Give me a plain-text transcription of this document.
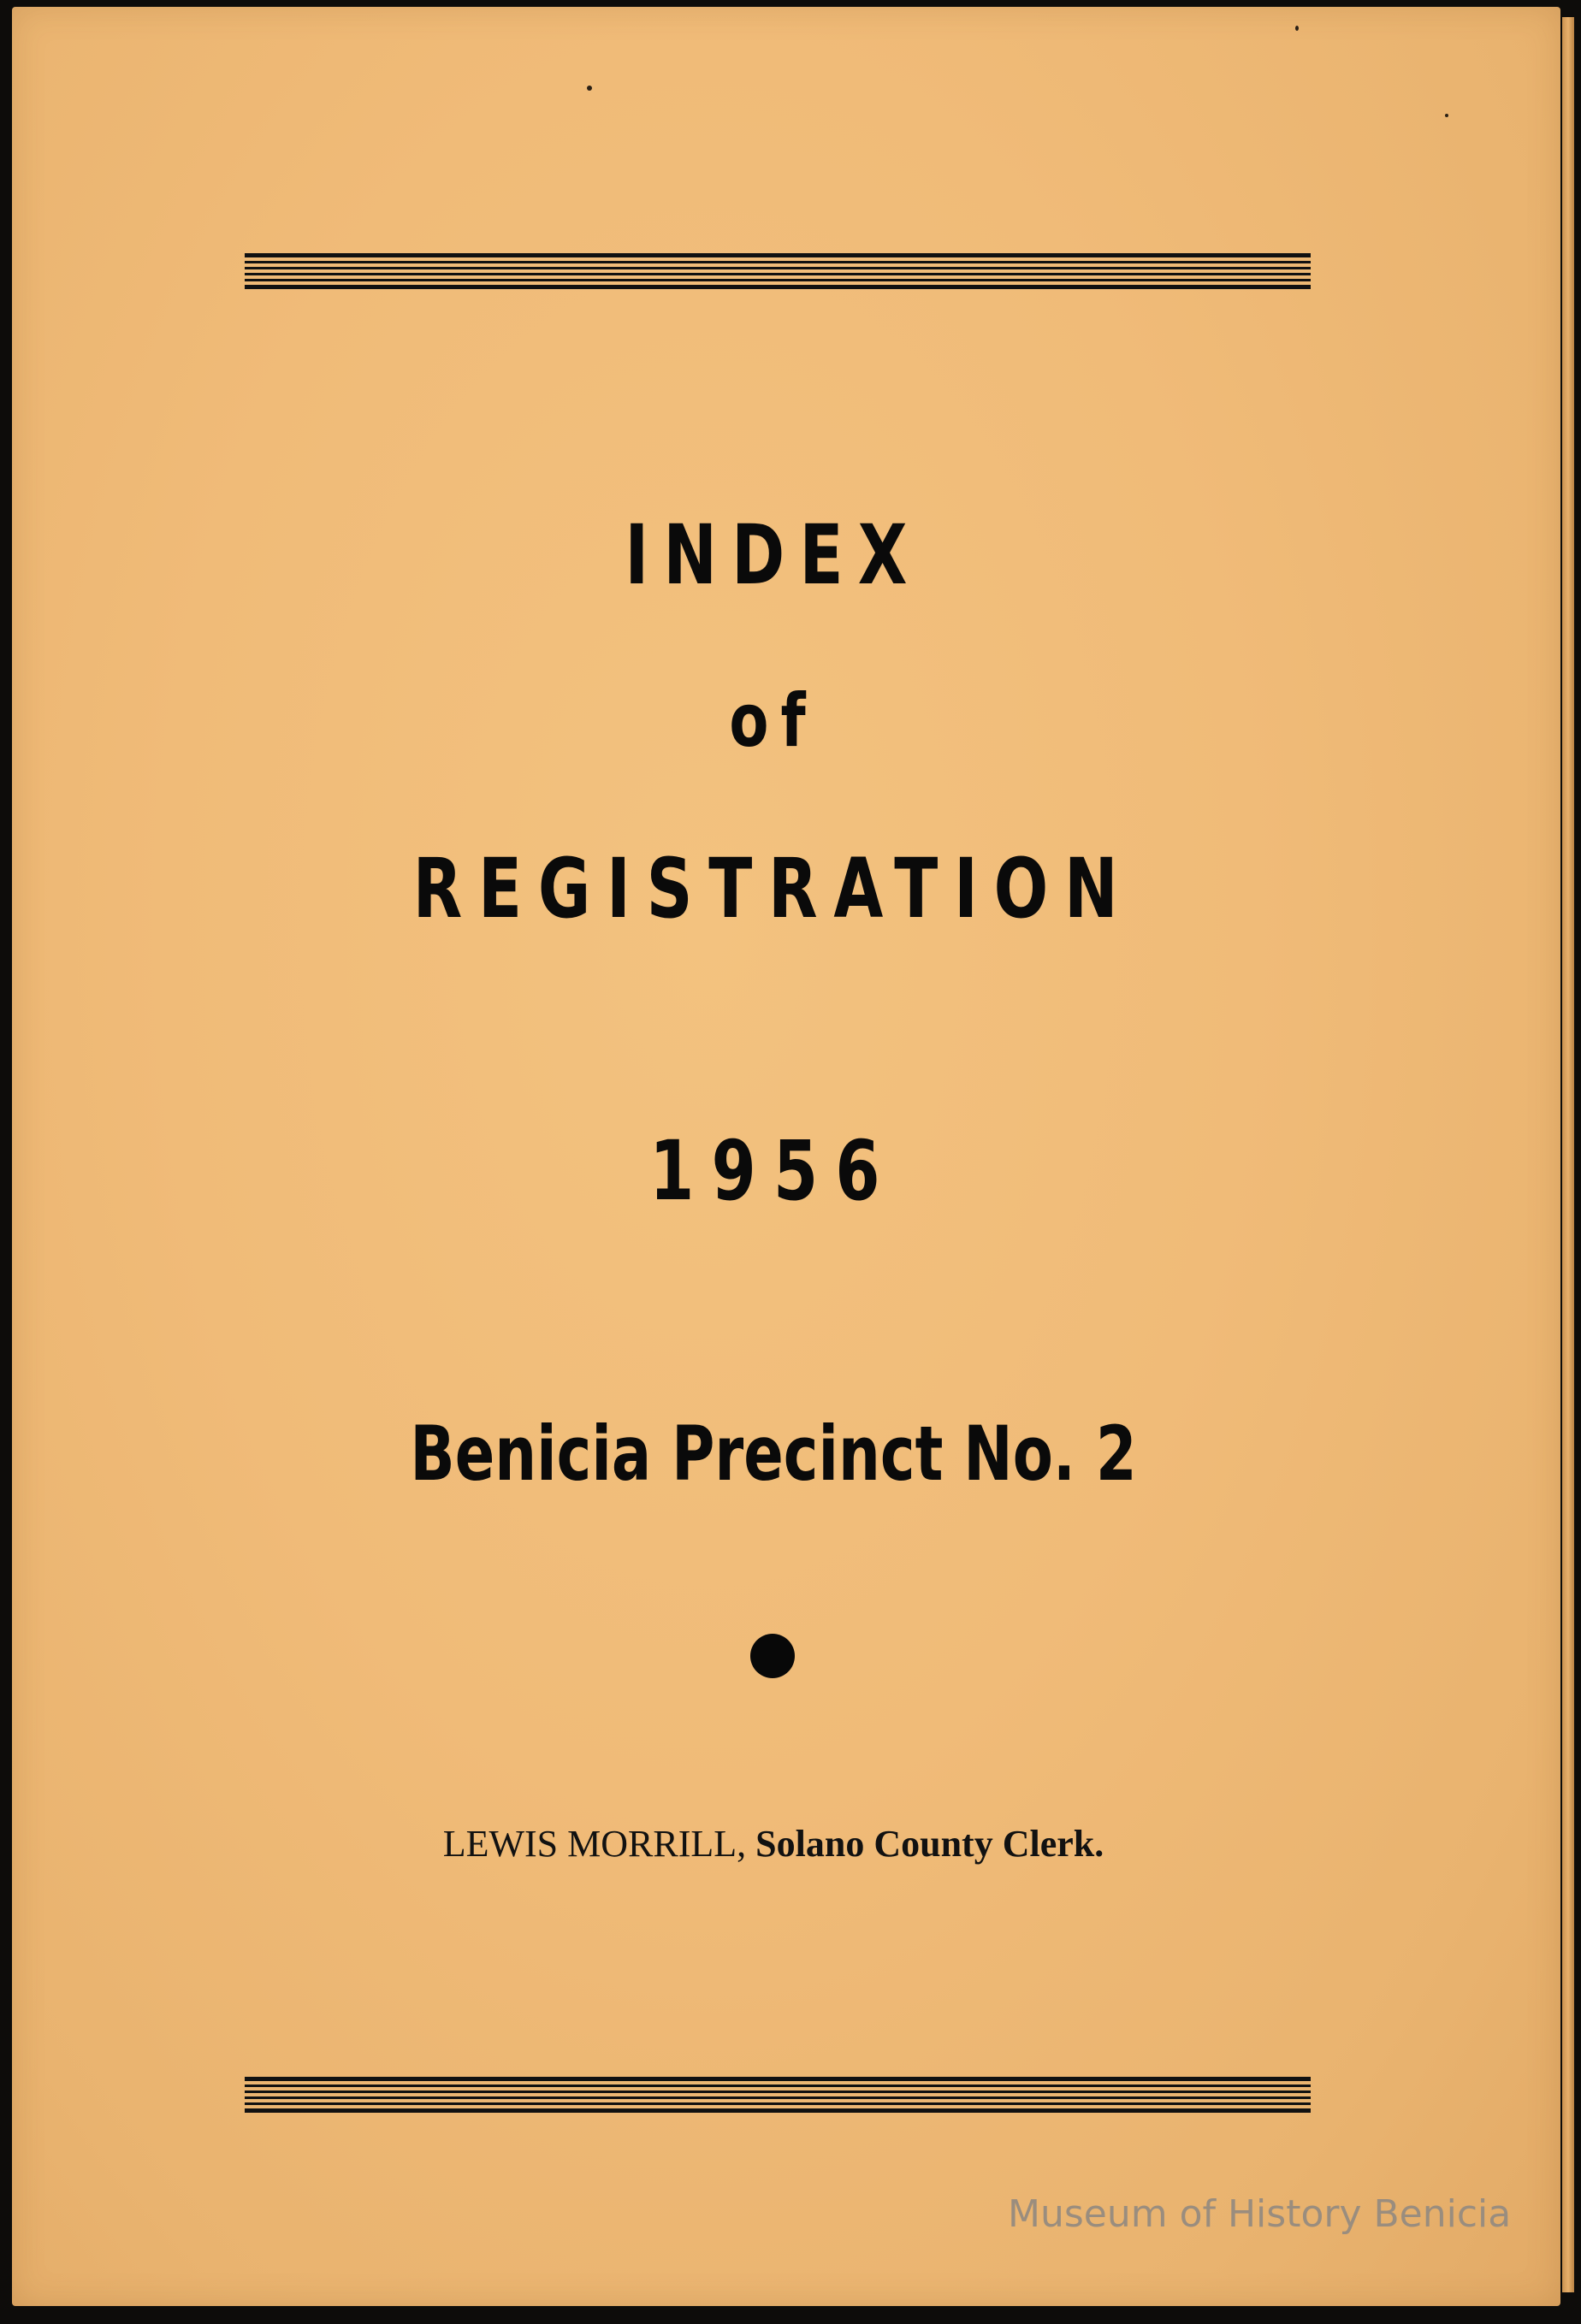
INDEX
of
REGISTRATION
1956
Benicia Precinct No. 2
LEWIS MORRILL, Solano County Clerk.
Museum of History Benicia
